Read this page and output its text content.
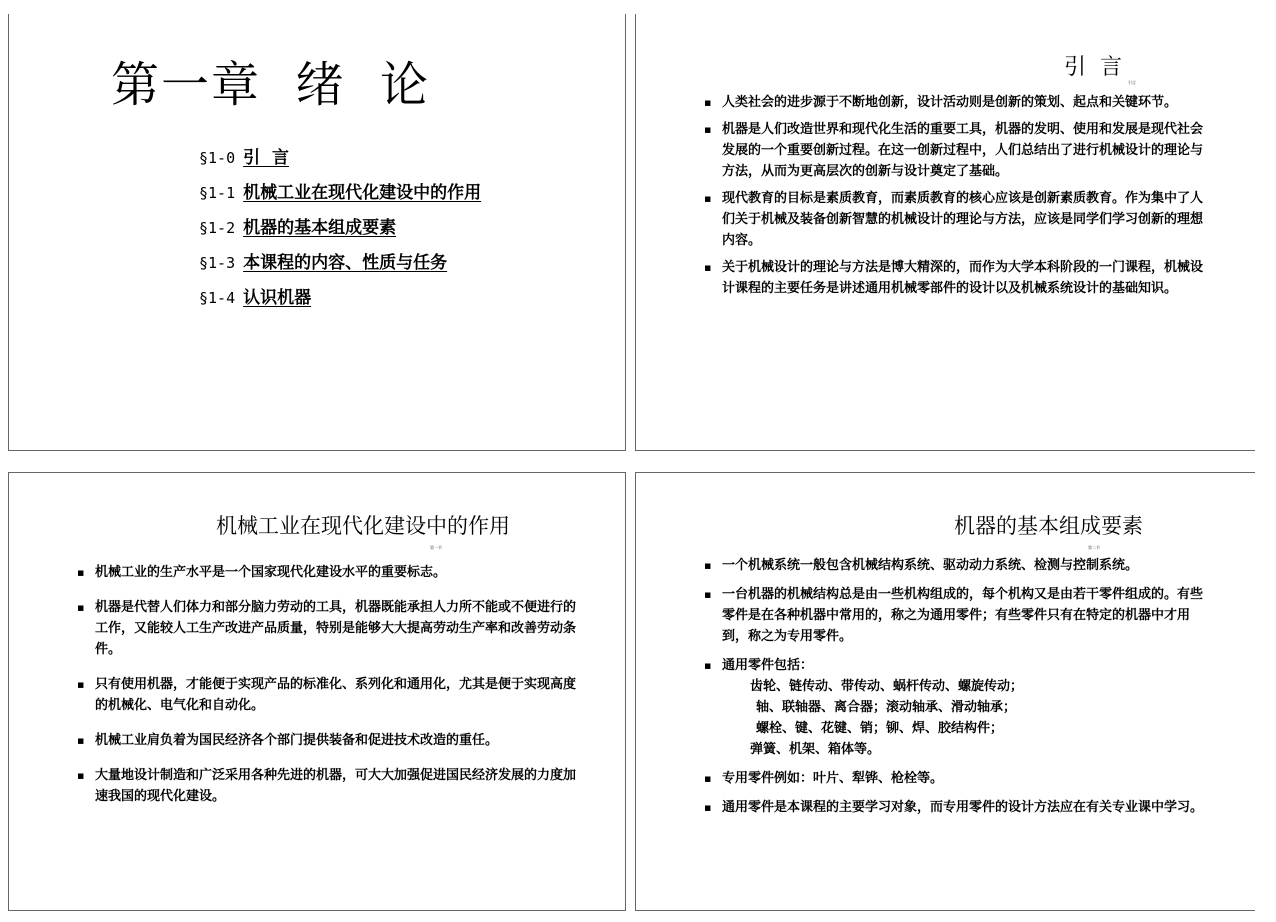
第一章  绪  论
§1-0 引  言
§1-1 机械工业在现代化建设中的作用
§1-2 机器的基本组成要素
§1-3 本课程的内容、性质与任务
§1-4 认识机器
引  言
引言
▪ 人类社会的进步源于不断地创新，设计活动则是创新的策划、起点和关键环节。
▪ 机器是人们改造世界和现代化生活的重要工具，机器的发明、使用和发展是现代社会发展的一个重要创新过程。在这一创新过程中，人们总结出了进行机械设计的理论与方法，从而为更高层次的创新与设计奠定了基础。
▪ 现代教育的目标是素质教育，而素质教育的核心应该是创新素质教育。作为集中了人们关于机械及装备创新智慧的机械设计的理论与方法，应该是同学们学习创新的理想内容。
▪ 关于机械设计的理论与方法是博大精深的，而作为大学本科阶段的一门课程，机械设计课程的主要任务是讲述通用机械零部件的设计以及机械系统设计的基础知识。
机械工业在现代化建设中的作用
第一节
▪ 机械工业的生产水平是一个国家现代化建设水平的重要标志。
▪ 机器是代替人们体力和部分脑力劳动的工具，机器既能承担人力所不能或不便进行的工作，又能较人工生产改进产品质量，特别是能够大大提高劳动生产率和改善劳动条件。
▪ 只有使用机器，才能便于实现产品的标准化、系列化和通用化，尤其是便于实现高度的机械化、电气化和自动化。
▪ 机械工业肩负着为国民经济各个部门提供装备和促进技术改造的重任。
▪ 大量地设计制造和广泛采用各种先进的机器，可大大加强促进国民经济发展的力度加速我国的现代化建设。
机器的基本组成要素
第二节
▪ 一个机械系统一般包含机械结构系统、驱动动力系统、检测与控制系统。
▪ 一台机器的机械结构总是由一些机构组成的，每个机构又是由若干零件组成的。有些零件是在各种机器中常用的，称之为通用零件；有些零件只有在特定的机器中才用到，称之为专用零件。
▪ 通用零件包括：
齿轮、链传动、带传动、蜗杆传动、螺旋传动；
轴、联轴器、离合器；滚动轴承、滑动轴承；
螺栓、键、花键、销；铆、焊、胶结构件；
弹簧、机架、箱体等。
▪ 专用零件例如：叶片、犁铧、枪栓等。
▪ 通用零件是本课程的主要学习对象，而专用零件的设计方法应在有关专业课中学习。
